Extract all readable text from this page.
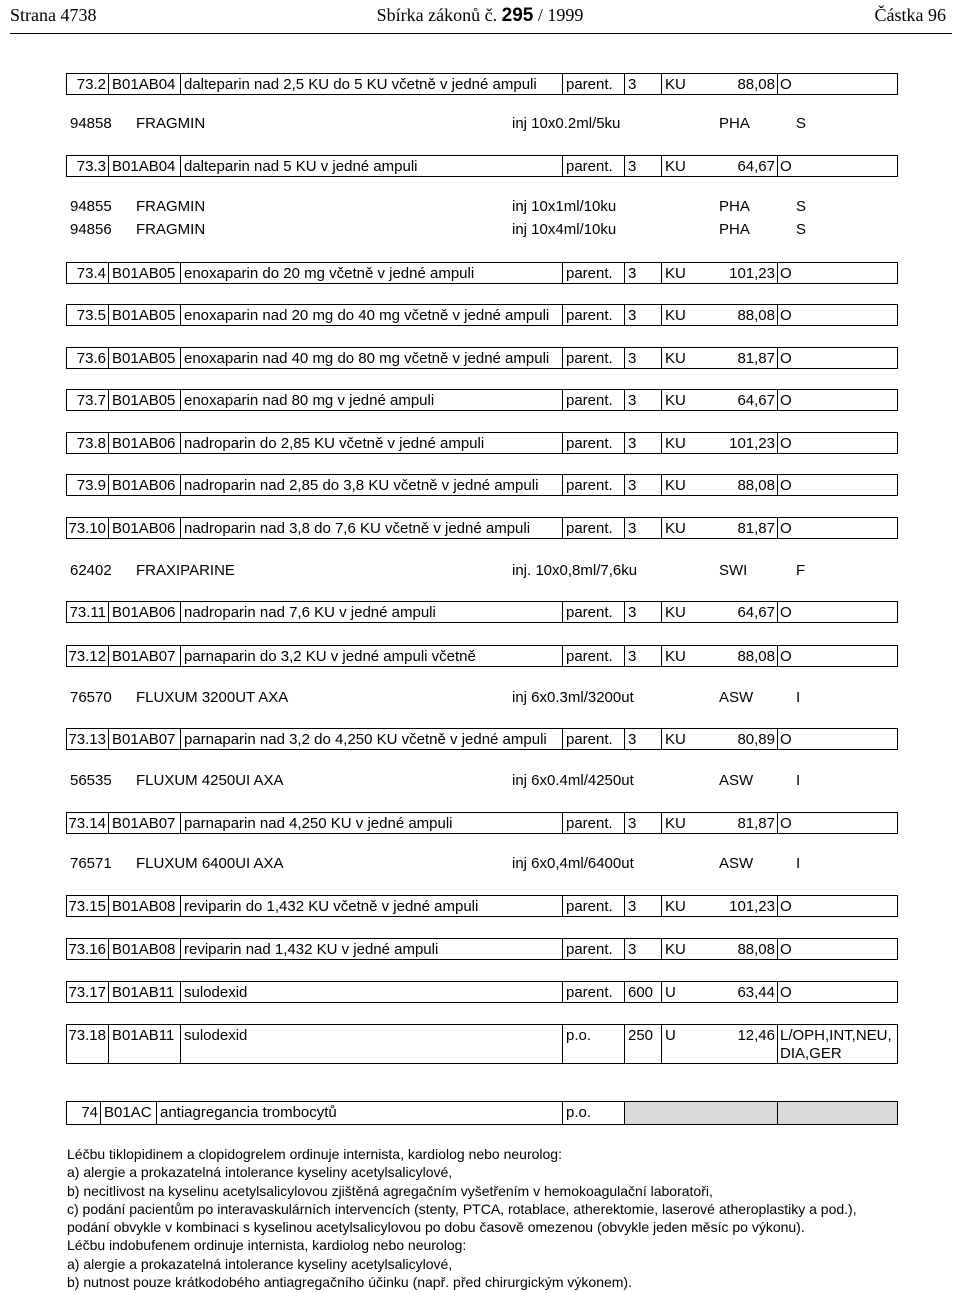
Strana 4738	Sbírka zákonů č. 295 / 1999	Částka 96
73.2 B01AB04 dalteparin nad 2,5 KU do 5 KU včetně v jedné ampuli	parent.	3	KU	88,08 O
94858 FRAGMIN	inj 10x0.2ml/5ku	PHA	S
73.3 B01AB04 dalteparin nad 5 KU v jedné ampuli	parent.	3	KU	64,67 O
94855 FRAGMIN	inj 10x1ml/10ku	PHA	S
94856 FRAGMIN	inj 10x4ml/10ku	PHA	S
73.4 B01AB05 enoxaparin do 20 mg včetně v jedné ampuli	parent.	3	KU	101,23 O
73.5 B01AB05 enoxaparin nad 20 mg do 40 mg včetně v jedné ampuli	parent.	3	KU	88,08 O
73.6 B01AB05 enoxaparin nad 40 mg do 80 mg včetně v jedné ampuli	parent.	3	KU	81,87 O
73.7 B01AB05 enoxaparin nad 80 mg v jedné ampuli	parent.	3	KU	64,67 O
73.8 B01AB06 nadroparin do 2,85 KU včetně v jedné ampuli	parent.	3	KU	101,23 O
73.9 B01AB06 nadroparin nad 2,85 do 3,8 KU včetně v jedné ampuli	parent.	3	KU	88,08 O
73.10 B01AB06 nadroparin nad 3,8 do 7,6 KU včetně v jedné ampuli	parent.	3	KU	81,87 O
62402 FRAXIPARINE	inj. 10x0,8ml/7,6ku	SWI	F
73.11 B01AB06 nadroparin nad 7,6 KU v jedné ampuli	parent.	3	KU	64,67 O
73.12 B01AB07 parnaparin do 3,2 KU v jedné ampuli včetně	parent.	3	KU	88,08 O
76570 FLUXUM 3200UT AXA	inj 6x0.3ml/3200ut	ASW	I
73.13 B01AB07 parnaparin nad 3,2 do 4,250 KU včetně v jedné ampuli	parent.	3	KU	80,89 O
56535 FLUXUM 4250UI AXA	inj 6x0.4ml/4250ut	ASW	I
73.14 B01AB07 parnaparin nad 4,250 KU v jedné ampuli	parent.	3	KU	81,87 O
76571 FLUXUM 6400UI AXA	inj 6x0,4ml/6400ut	ASW	I
73.15 B01AB08 reviparin do 1,432 KU včetně v jedné ampuli	parent.	3	KU	101,23 O
73.16 B01AB08 reviparin nad 1,432 KU v jedné ampuli	parent.	3	KU	88,08 O
73.17 B01AB11 sulodexid	parent.	600 U	63,44 O
73.18 B01AB11 sulodexid	p.o.	250 U	12,46 L/OPH,INT,NEU, DIA,GER
74 B01AC antiagregancia trombocytů	p.o.
Léčbu tiklopidinem a clopidogrelem ordinuje internista, kardiolog nebo neurolog:
a) alergie a prokazatelná intolerance kyseliny acetylsalicylové,
b) necitlivost na kyselinu acetylsalicylovou zjištěná agregačním vyšetřením v hemokoagulační laboratoři,
c) podání pacientům po interavaskulárních intervencích (stenty, PTCA, rotablace, atherektomie, laserové atheroplastiky a pod.),
podání obvykle v kombinaci s kyselinou acetylsalicylovou po dobu časově omezenou (obvykle jeden měsíc po výkonu).
Léčbu indobufenem ordinuje internista, kardiolog nebo neurolog:
a) alergie a prokazatelná intolerance kyseliny acetylsalicylové,
b) nutnost pouze krátkodobého antiagregačního účinku (např. před chirurgickým výkonem).
